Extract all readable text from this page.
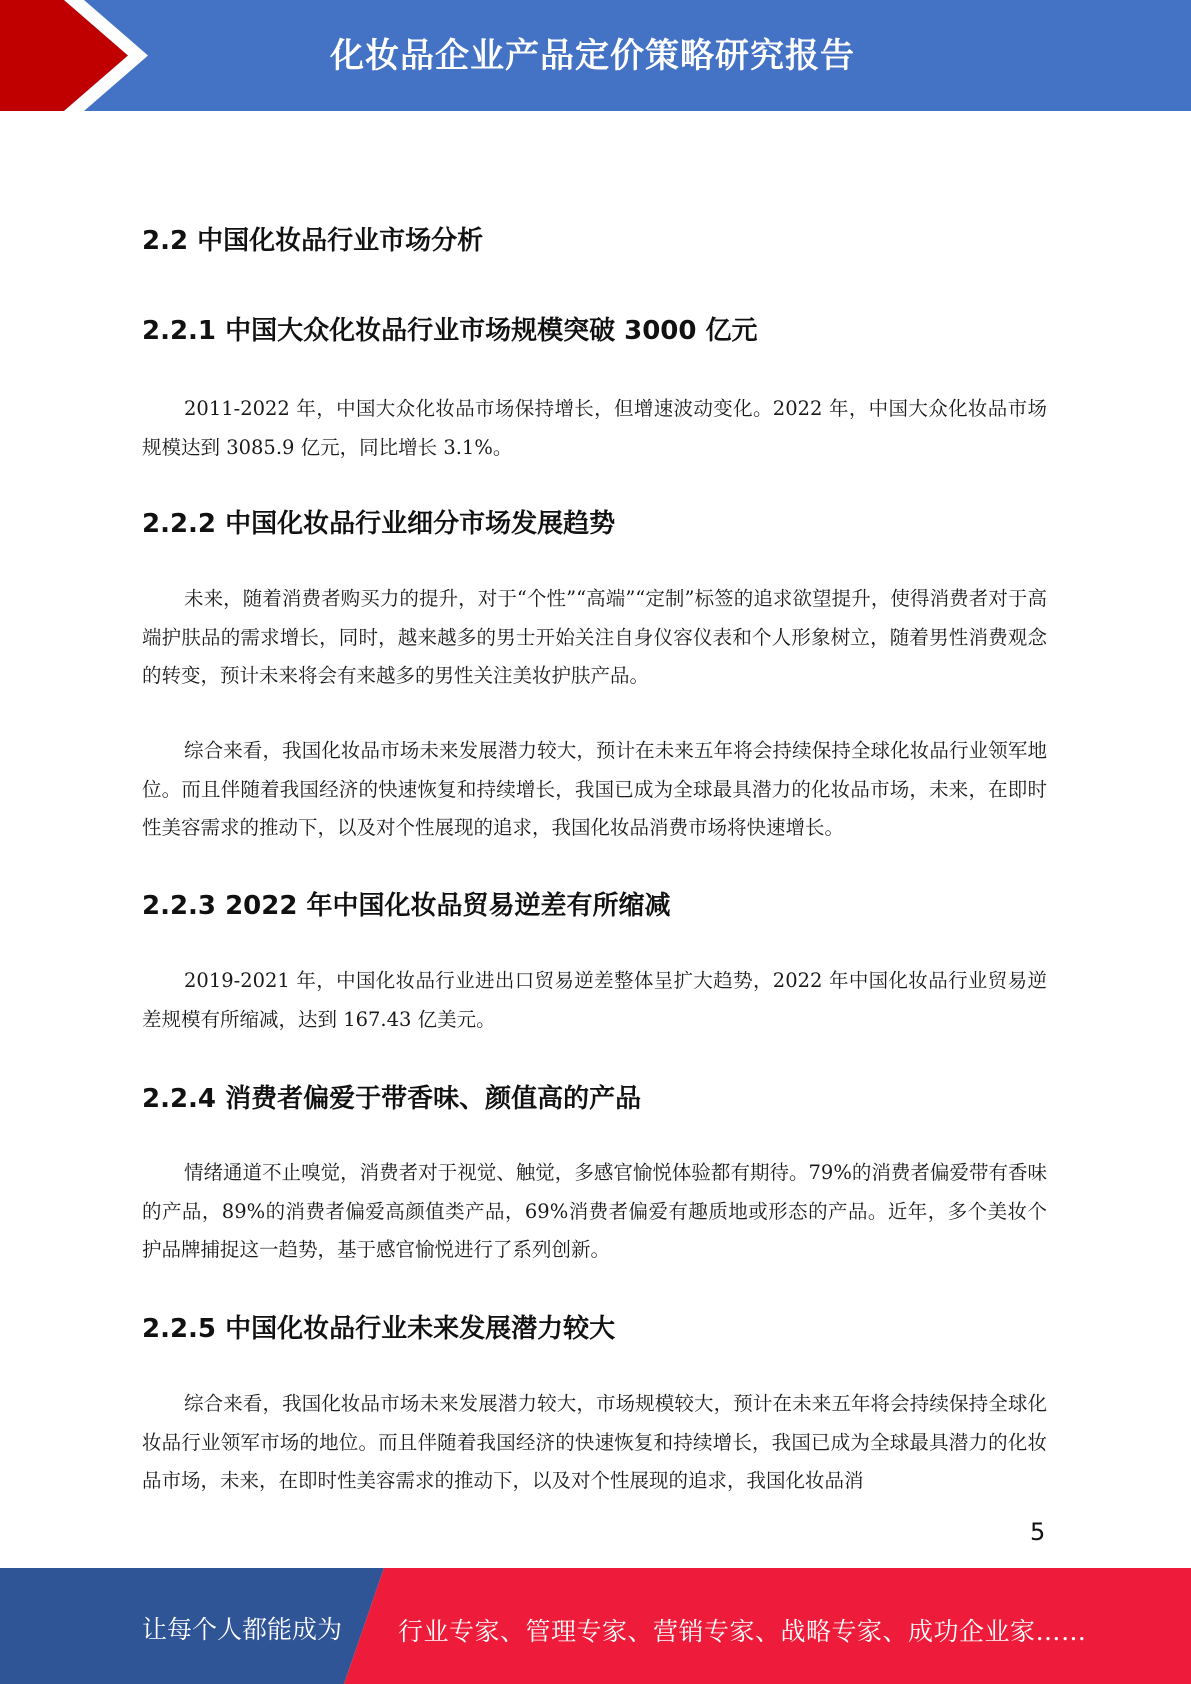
化妆品企业产品定价策略研究报告
2.2 中国化妆品行业市场分析
2.2.1 中国大众化妆品行业市场规模突破 3000 亿元

2011-2022 年，中国大众化妆品市场保持增长，但增速波动变化。2022 年，中国大众化妆品市场规模达到 3085.9 亿元，同比增长 3.1%。

2.2.2 中国化妆品行业细分市场发展趋势

未来，随着消费者购买力的提升，对于“个性”“高端”“定制”标签的追求欲望提升，使得消费者对于高端护肤品的需求增长，同时，越来越多的男士开始关注自身仪容仪表和个人形象树立，随着男性消费观念的转变，预计未来将会有来越多的男性关注美妆护肤产品。

综合来看，我国化妆品市场未来发展潜力较大，预计在未来五年将会持续保持全球化妆品行业领军地位。而且伴随着我国经济的快速恢复和持续增长，我国已成为全球最具潜力的化妆品市场，未来，在即时性美容需求的推动下，以及对个性展现的追求，我国化妆品消费市场将快速增长。

2.2.3 2022 年中国化妆品贸易逆差有所缩减

2019-2021 年，中国化妆品行业进出口贸易逆差整体呈扩大趋势，2022 年中国化妆品行业贸易逆差规模有所缩减，达到 167.43 亿美元。

2.2.4 消费者偏爱于带香味、颜值高的产品

情绪通道不止嗅觉，消费者对于视觉、触觉，多感官愉悦体验都有期待。79%的消费者偏爱带有香味的产品，89%的消费者偏爱高颜值类产品，69%消费者偏爱有趣质地或形态的产品。近年，多个美妆个护品牌捕捉这一趋势，基于感官愉悦进行了系列创新。

2.2.5 中国化妆品行业未来发展潜力较大

综合来看，我国化妆品市场未来发展潜力较大，市场规模较大，预计在未来五年将会持续保持全球化妆品行业领军市场的地位。而且伴随着我国经济的快速恢复和持续增长，我国已成为全球最具潜力的化妆品市场，未来，在即时性美容需求的推动下，以及对个性展现的追求，我国化妆品消

5
让每个人都能成为 行业专家、管理专家、营销专家、战略专家、成功企业家……
